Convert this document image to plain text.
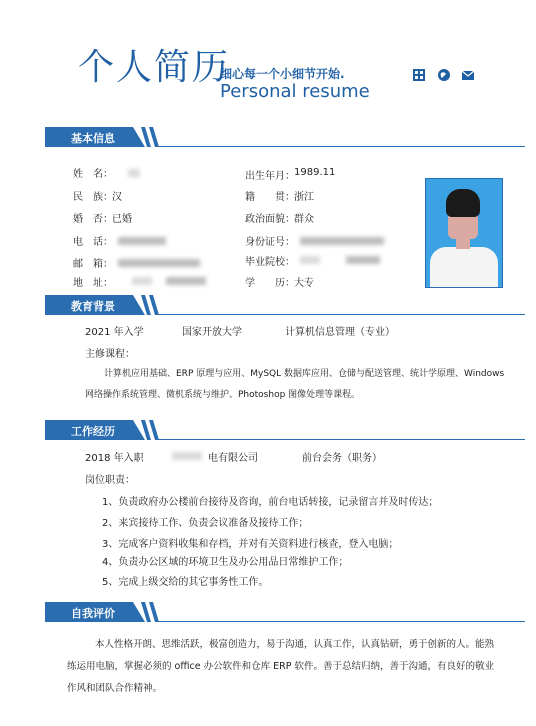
个人简历
细心每一个小细节开始.
Personal resume
基本信息
姓　名：
民　族： 汉
婚　否： 已婚
电　话：
邮　箱：
地　址：
出生年月： 1989.11
籍　　贯： 浙江
政治面貌： 群众
身份证号：
毕业院校：
学　　历： 大专
教育背景
2021 年入学	国家开放大学	计算机信息管理（专业）
主修课程：
计算机应用基础、ERP 原理与应用、MySQL 数据库应用、仓储与配送管理、统计学原理、Windows
网络操作系统管理、微机系统与维护、Photoshop 图像处理等课程。
工作经历
2018 年入职	电有限公司	前台会务（职务）
岗位职责：
1、负责政府办公楼前台接待及咨询，前台电话转接，记录留言并及时传达；
2、来宾接待工作、负责会议准备及接待工作；
3、完成客户资料收集和存档，并对有关资料进行核查，登入电脑；
4、负责办公区域的环境卫生及办公用品日常维护工作；
5、完成上级交给的其它事务性工作。
自我评价
本人性格开朗、思维活跃，极富创造力，易于沟通，认真工作，认真钻研，勇于创新的人。能熟
练运用电脑，掌握必须的 office 办公软件和仓库 ERP 软件。善于总结归纳，善于沟通，有良好的敬业
作风和团队合作精神。
